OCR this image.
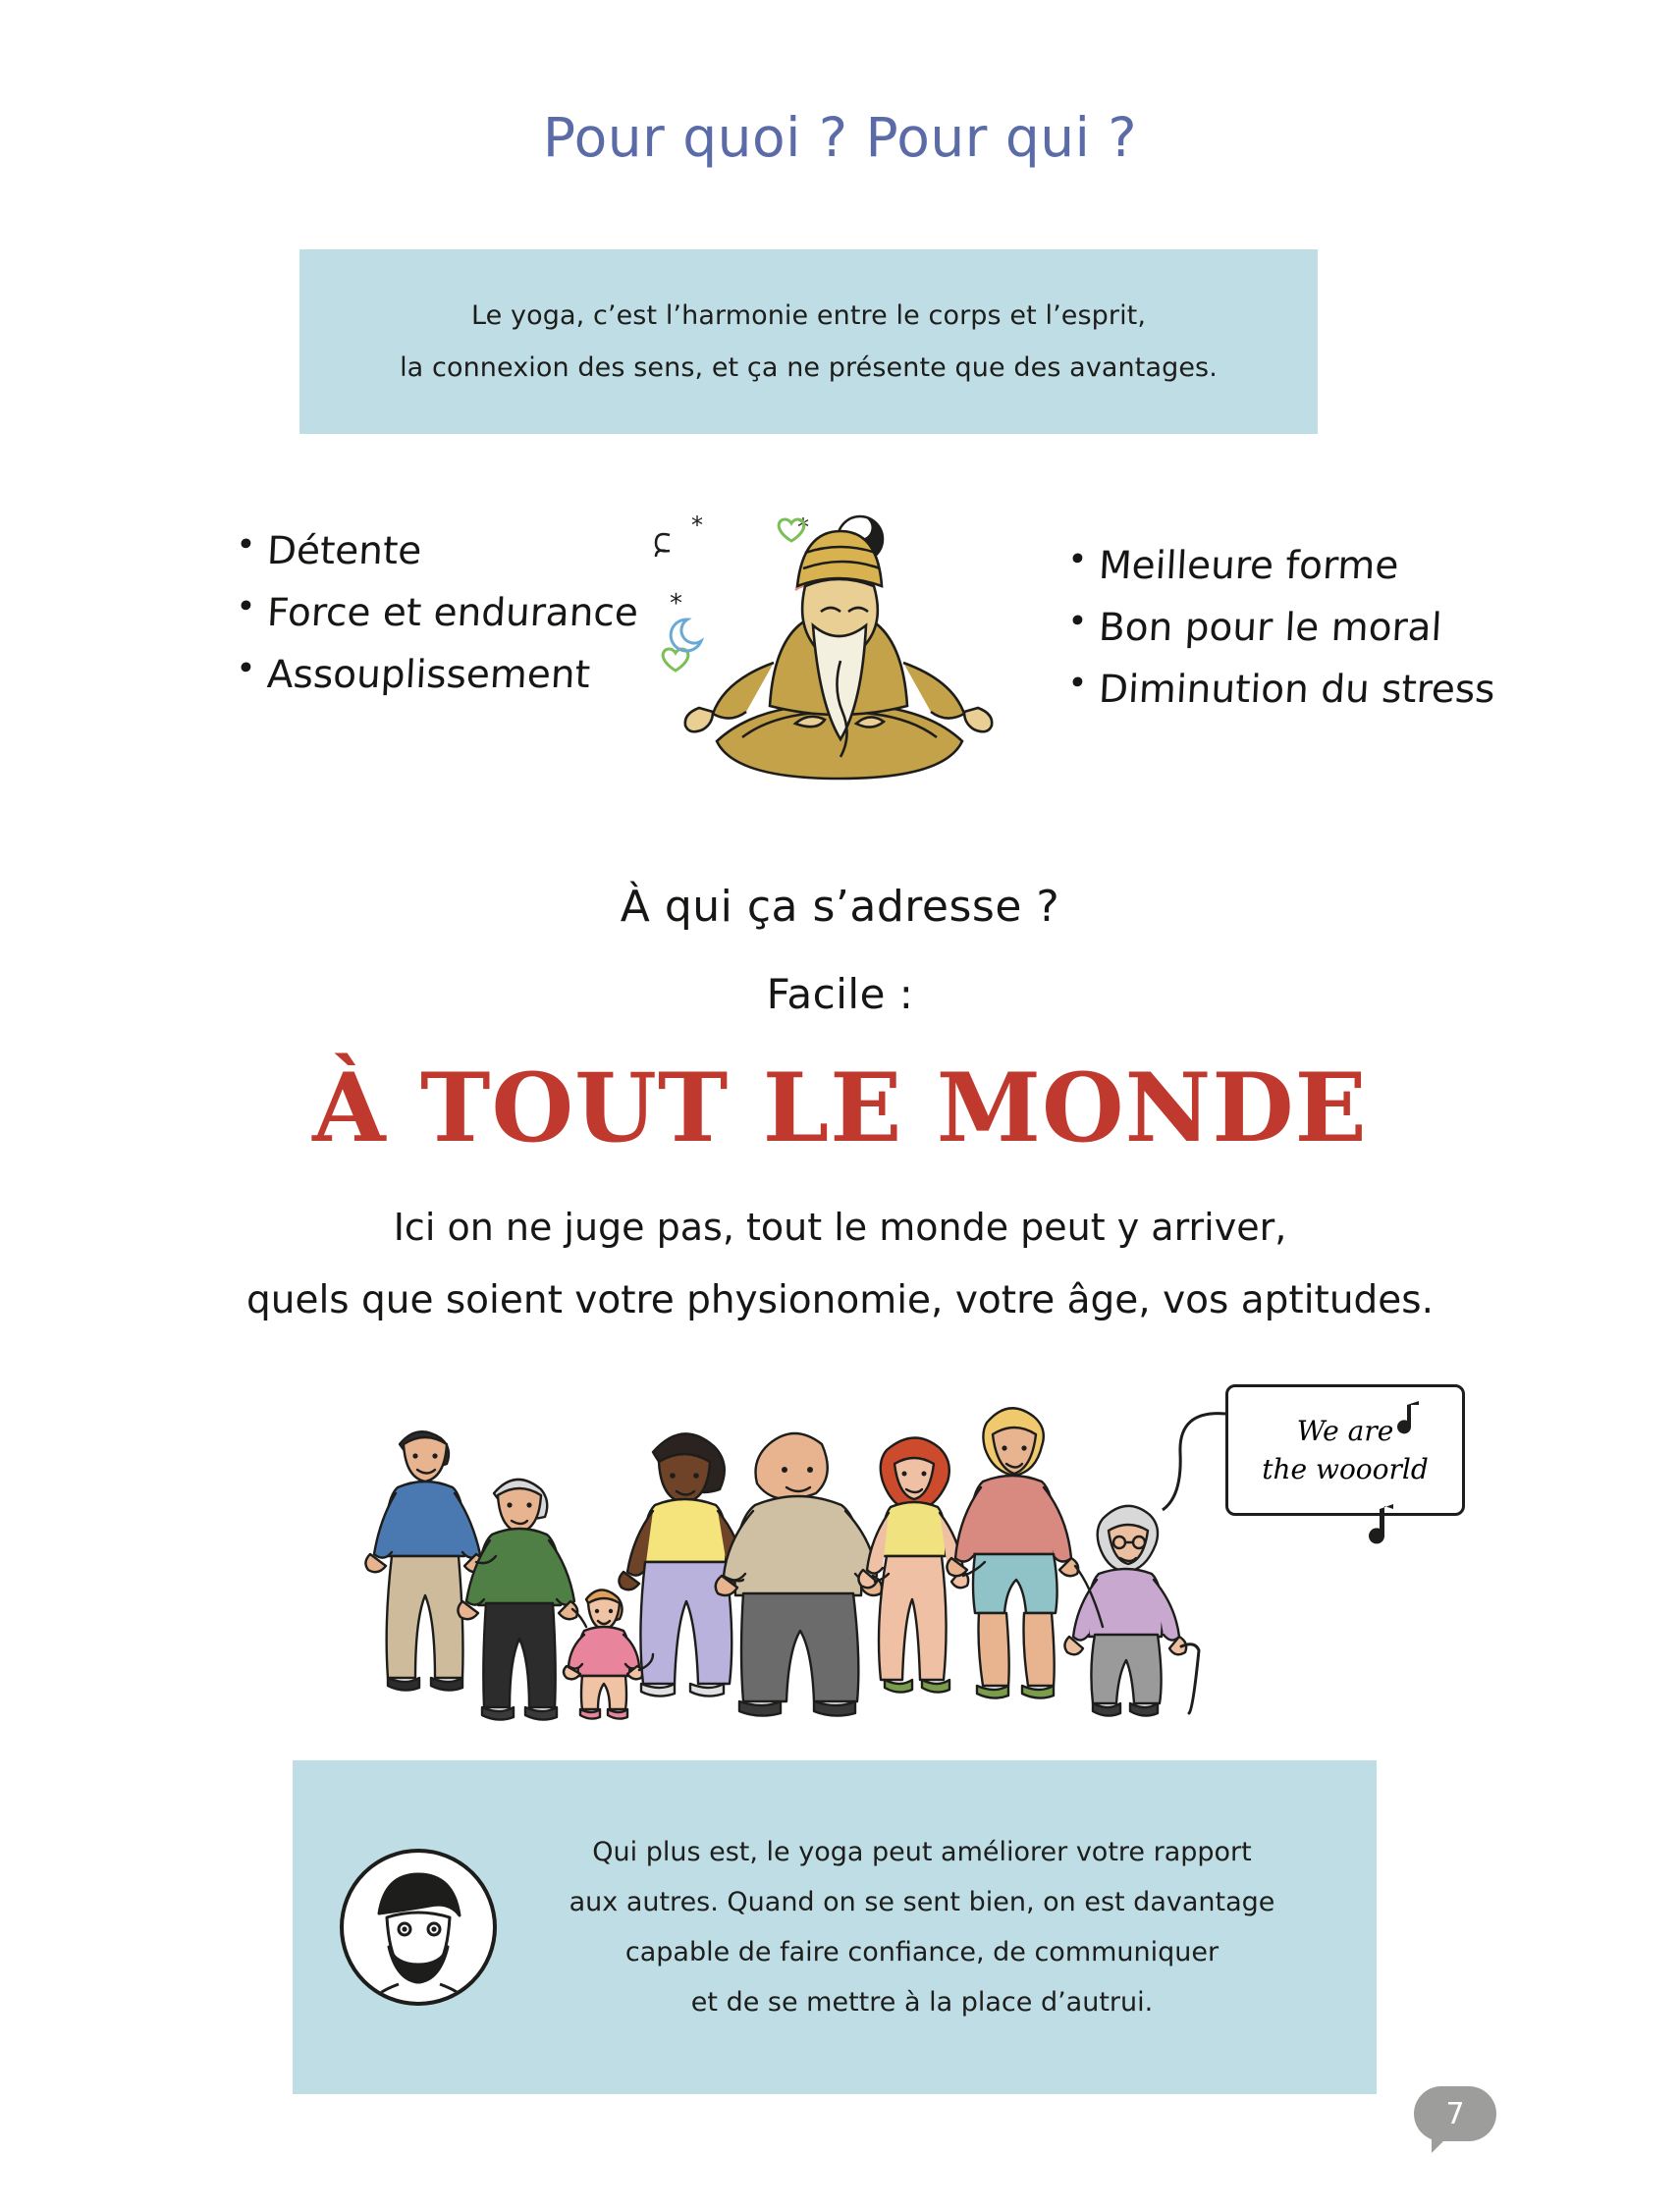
Pour quoi ? Pour qui ?
Le yoga, c’est l’harmonie entre le corps et l’esprit,
la connexion des sens, et ça ne présente que des avantages.
• Détente
• Force et endurance
• Assouplissement
• Meilleure forme
• Bon pour le moral
• Diminution du stress
*
*
*
À qui ça s’adresse ?
Facile :
À TOUT LE MONDE
Ici on ne juge pas, tout le monde peut y arriver,
quels que soient votre physionomie, votre âge, vos aptitudes.
We are
the wooorld
Qui plus est, le yoga peut améliorer votre rapport
aux autres. Quand on se sent bien, on est davantage
capable de faire confiance, de communiquer
et de se mettre à la place d’autrui.
7
